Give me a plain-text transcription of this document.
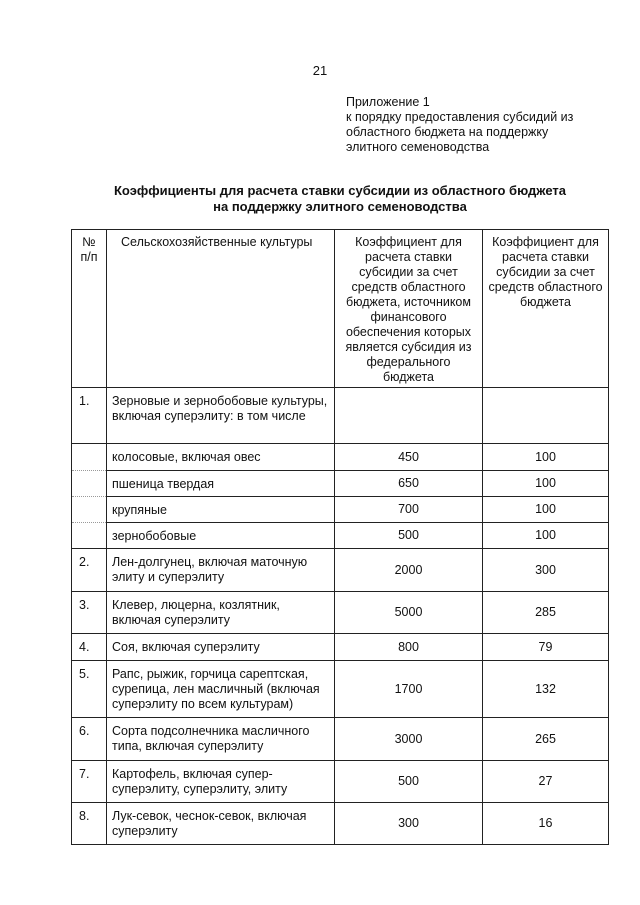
21
Приложение 1
к порядку предоставления субсидий из
областного бюджета на поддержку
элитного семеноводства
Коэффициенты для расчета ставки субсидии из областного бюджета
на поддержку элитного семеноводства
№ п/п	Сельскохозяйственные культуры	Коэффициент для расчета ставки субсидии за счет средств областного бюджета, источником финансового обеспечения которых является субсидия из федерального бюджета	Коэффициент для расчета ставки субсидии за счет средств областного бюджета
1.	Зерновые и зернобобовые культуры, включая суперэлиту: в том числе		
	колосовые, включая овес	450	100
	пшеница твердая	650	100
	крупяные	700	100
	зернобобовые	500	100
2.	Лен-долгунец, включая маточную элиту и суперэлиту	2000	300
3.	Клевер, люцерна, козлятник, включая суперэлиту	5000	285
4.	Соя, включая суперэлиту	800	79
5.	Рапс, рыжик, горчица сарептская, сурепица, лен масличный (включая суперэлиту по всем культурам)	1700	132
6.	Сорта подсолнечника масличного типа, включая суперэлиту	3000	265
7.	Картофель, включая супер-суперэлиту, суперэлиту, элиту	500	27
8.	Лук-севок, чеснок-севок, включая суперэлиту	300	16
